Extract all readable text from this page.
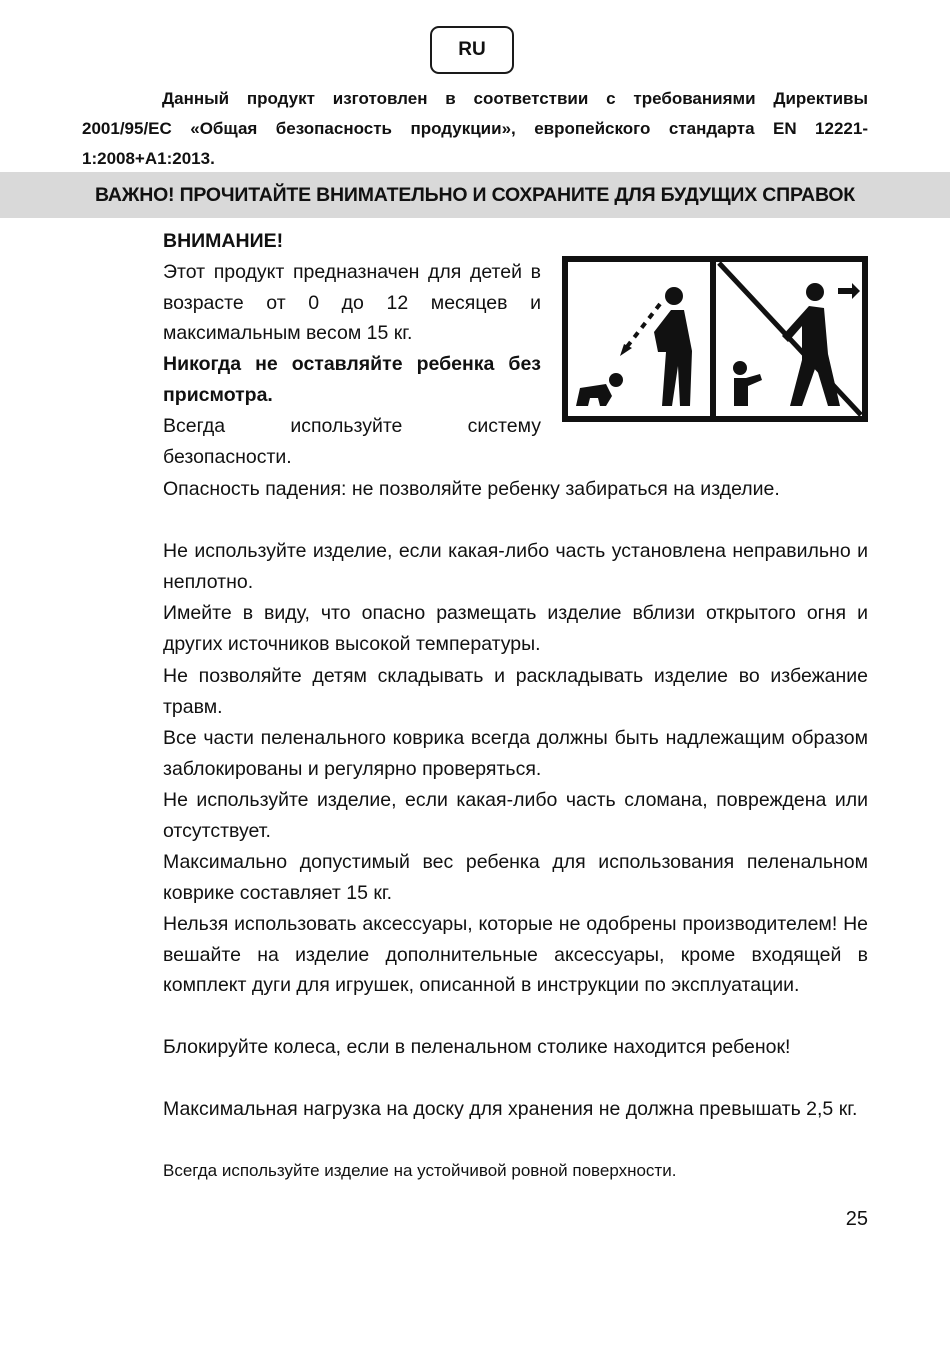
RU

Данный продукт изготовлен в соответствии с требованиями Директивы 2001/95/EC «Общая безопасность продукции», европейского стандарта EN 12221-1:2008+A1:2013.

ВАЖНО! ПРОЧИТАЙТЕ ВНИМАТЕЛЬНО И СОХРАНИТЕ ДЛЯ БУДУЩИХ СПРАВОК

ВНИМАНИЕ!

Этот продукт предназначен для детей в возрасте от 0 до 12 месяцев и максимальным весом 15 кг.

Никогда не оставляйте ребенка без присмотра.

Всегда используйте систему безопасности.

Опасность падения: не позволяйте ребенку забираться на изделие.

Не используйте изделие, если какая-либо часть установлена неправильно и неплотно.

Имейте в виду, что опасно размещать изделие вблизи открытого огня и других источников высокой температуры.

Не позволяйте детям складывать и раскладывать изделие во избежание травм.

Все части пеленального коврика всегда должны быть надлежащим образом заблокированы и регулярно проверяться.

Не используйте изделие, если какая-либо часть сломана, повреждена или отсутствует.

Максимально допустимый вес ребенка для использования пеленальном коврике составляет 15 кг.

Нельзя использовать аксессуары, которые не одобрены производителем! Не вешайте на изделие дополнительные аксессуары, кроме входящей в комплект дуги для игрушек, описанной в инструкции по эксплуатации.

Блокируйте колеса, если в пеленальном столике находится ребенок!

Максимальная нагрузка на доску для хранения не должна превышать 2,5 кг.

Всегда используйте изделие на устойчивой ровной поверхности.

25
